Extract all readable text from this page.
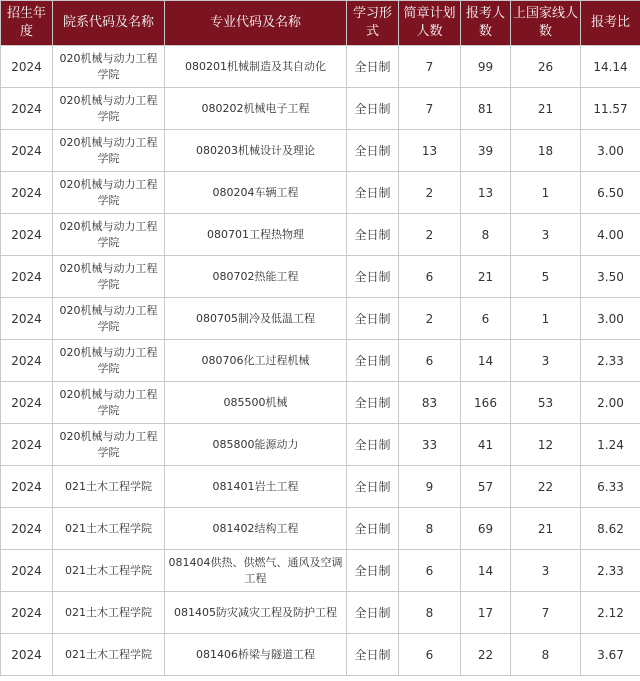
招生年度	院系代码及名称	专业代码及名称	学习形式	简章计划人数	报考人数	上国家线人数	报考比
2024	020机械与动力工程学院	080201机械制造及其自动化	全日制	7	99	26	14.14
2024	020机械与动力工程学院	080202机械电子工程	全日制	7	81	21	11.57
2024	020机械与动力工程学院	080203机械设计及理论	全日制	13	39	18	3.00
2024	020机械与动力工程学院	080204车辆工程	全日制	2	13	1	6.50
2024	020机械与动力工程学院	080701工程热物理	全日制	2	8	3	4.00
2024	020机械与动力工程学院	080702热能工程	全日制	6	21	5	3.50
2024	020机械与动力工程学院	080705制冷及低温工程	全日制	2	6	1	3.00
2024	020机械与动力工程学院	080706化工过程机械	全日制	6	14	3	2.33
2024	020机械与动力工程学院	085500机械	全日制	83	166	53	2.00
2024	020机械与动力工程学院	085800能源动力	全日制	33	41	12	1.24
2024	021土木工程学院	081401岩土工程	全日制	9	57	22	6.33
2024	021土木工程学院	081402结构工程	全日制	8	69	21	8.62
2024	021土木工程学院	081404供热、供燃气、通风及空调工程	全日制	6	14	3	2.33
2024	021土木工程学院	081405防灾减灾工程及防护工程	全日制	8	17	7	2.12
2024	021土木工程学院	081406桥梁与隧道工程	全日制	6	22	8	3.67
